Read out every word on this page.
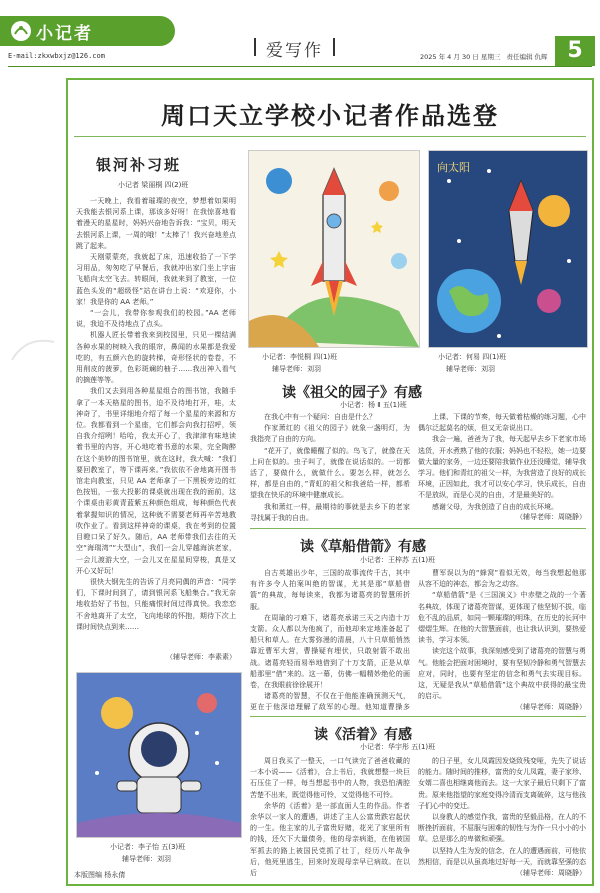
小记者
E-mail:zkxwbxjz@126.com	爱写作	2025 年 4 月 30 日 星期三 责任编辑 仇辉 5
周口天立学校小记者作品选登
银河补习班
小记者 梁丽桐 四(2)班

一天晚上，我看着璀璨的夜空，梦想着如果明天我能去银河系上课，那该多好呀！在我惊喜地看着漫天的星星时，妈妈兴奋地告诉我：“宝贝，明天去银河系上课，一周的哦！”太棒了！我兴奋地差点跳了起来。

天刚蒙蒙亮，我就起了床，迅速收拾了一下学习用品，匆匆吃了早餐后，我就冲出家门坐上宇宙飞船向太空飞去。转眼间，我就来到了教室，一位蓝色头发的“超级怪”站在讲台上说：“欢迎你，小家！我是你的 AA 老师。”

“一会儿，我带你参观我们的校园。”AA 老师说，我迫不及待地点了点头。

机器人匠长带着我来到校园里，只见一棵结满各种水果的树映入我的眼帘，鼻闻的水果都是我爱吃的，有五颜六色的旋转梯，奇形怪状的卷卷，不用削皮的菠萝，色彩斑斓的柚子……我出神入看气的摘莲等等。

我们又去到用各种星星组合的图书馆，我随手拿了一本天格星的图书，迫不及待地打开，哇，太神奇了，书里详细地介绍了每一个星星的来源和方位。我都看到一个星座，它们都会向我打招呼，领自我介绍咧！哈哈，我太开心了，我津津有味地读着书里的内容，开心地吃着书意的水果，完全陶醉在这个美妙的图书馆里，就在这时，我大喊：“我们要回教室了，等下课再来。”我依依不舍地离开图书馆走向教室，只见 AA 老师拿了一下黑板旁边的红色按钮，一张大投影的课桌就出现在我的面前，这个课桌由彩黄青蓝紫五种颜色组成，每种颜色代表着掌握知识的情况，这种就不需要老师再辛苦地教吹作业了。看到这样神奇的课桌，我在考到的位置目瞪口呆了好久。随后，AA 老师带我们去往的天空“海瑞湾”“大型山”，我们一会儿穿越海滨老家，一会儿渡游大空，一会儿又在星星间穿梭，真是又开心又好玩！

很快大钢先生的告诉了月亮同偶的声音：“同学们，下课时间到了，请到银河系飞船集合。”我无奈地收拾好了书包，只能痛恨时间过得真快。我恋恋不舍地离开了太空，飞向地球的怀抱，期待下次上课时间快点到来……

（辅导老师：李素素）
小记者：李悦桐 四(1)班
辅导老师：刘羽
向太阳
小记者：何易 四(1)班
辅导老师：刘羽
读《祖父的园子》有感
小记者：杨 Ⅱ 五(1)班

在我心中有一个疑问：自由是什么？

作家萧红的《祖父的园子》就象一盏明灯，为我指亮了自由的方向。

“花开了，就像睡醒了似的。鸟飞了，就像在天上问在似的。虫子叫了，就像在说话似的。一切都活了，要做什么，就做什么。要怎么样，就怎么样，都是自由的，”青虹的祖父和我爸给一样，都希望我在快乐的环境中健康成长。

我和萧红一样，最期待的事就是去乡下的老家寻找属于我的自由。

上课、下课的节奏，每天做着枯燥的练习题，心中偶尔泛起莫名的烦，但又无奈说出口。

我会一遍，爸爸为了我，每天起早去乡下老家市场选货，开水煮熟了他的衣服；妈妈也不轻松，她一边要做大量的家务，一边还要陪我做作业还没睡觉，辅导我学习。他们和青红的祖父一样，为我营造了良好的成长环境，正因如此，我才可以安心学习，快乐成长，自由不是放纵，而是心灵的自由，才是最美好的。

感谢父母，为我创造了自由的成长环境。

（辅导老师：周晓静）
读《草船借箭》有感
小记者：王梓苏 五(1)班

自古英雄出少年，三国的故事流传千古，其中有许多令人拍案叫绝的智谋，尤其是那“草船借箭”的典故，每每读来，我都为诸葛亮的智慧所折服。

在周瑜的刁难下，诸葛亮承诺三天之内造十万支箭。众人都以为他疯了，而他却来定地准备起了船只和草人。在大雾弥漫的清晨，八十只草船悄然靠近曹军大营，曹操疑有埋伏，只敢射箭不敢出战。诸葛亮轻而易举地借到了十万支箭，正是从草船那里“借”来的。这一幕，仿佛一幅精妙绝伦的画卷，在我眼前徐徐展开！

诸葛亮的智慧，不仅在于他能准确预测天气，更在于他深谙理解了敌军的心理。他知道曹操多

曹军误以为的“蜂窝”看似无效，每当我想起他那从容不迫的神态，都会为之动容。

“草船借箭”是《三国演义》中赤壁之战的一个著名典故，体现了诸葛亮智谋，更体现了他坚韧不拔，临危不乱的品质，如同一颗璀璨的明珠，在历史的长河中熠熠生辉。在他的大智慧面前，也让我认识到，要热爱读书，学习本领。

读完这个故事，我深刻感受到了诸葛亮的智慧与勇气。他能会把面对困境时，要有坚韧冷静和勇气智慧去应对，同时，也要有坚定的信念和勇气去实现目标。这，无疑是我从“草船借箭”这个典故中获得的最宝贵的启示。

（辅导老师：周晓静）
小记者：李子怡 五(3)班
辅导老师：刘羽
读《活着》有感
小记者：华宇彤 五(1)班

周日我买了一整天，一口气读完了爸爸收藏的一本小说——《活着》，合上书后，我就想整一块巨石压住了一样，每当想起书中的人物，我恐怕满腔苦楚不出来，既觉得他可怜，又觉得他不可怜。

余华的《活着》是一部直面人生的作品。作者余华以一家人的遭遇，讲述了主人公富贵跌宕起伏的一生。他主家的儿子富贵好赌，花光了家里所有的钱，还欠下大量债务，他的母亲病逝，在他被国军抓去的路上被国民党抓了壮丁，经历八年战争后，他死里逃生，回来时发现母亲早已病故。在以后

的日子里，女儿凤霞因发烧致残变哑，先失了说话的能力。随时间的推移，富贵的女儿凤霞，妻子家珍、女婿二喜也相继离他而去。这一大家子最后只剩下了富贵。原来他指望的家庭变得冷清而支离破碎，这与他孩子们心中的变迁。

以身教人的感觉作我，富贵的坚毅品格，在人的不断挫折面前，不屈服与困难的韧性与为作一只小小的小草。总是那么的卑微和顽强。

以坚持人生为发的信念，在人的遭遇面前，可他依然相信，而是以从虽高地过好每一天，而就靠坚强的态

（辅导老师：周晓静）
本版图编 杨永倩
